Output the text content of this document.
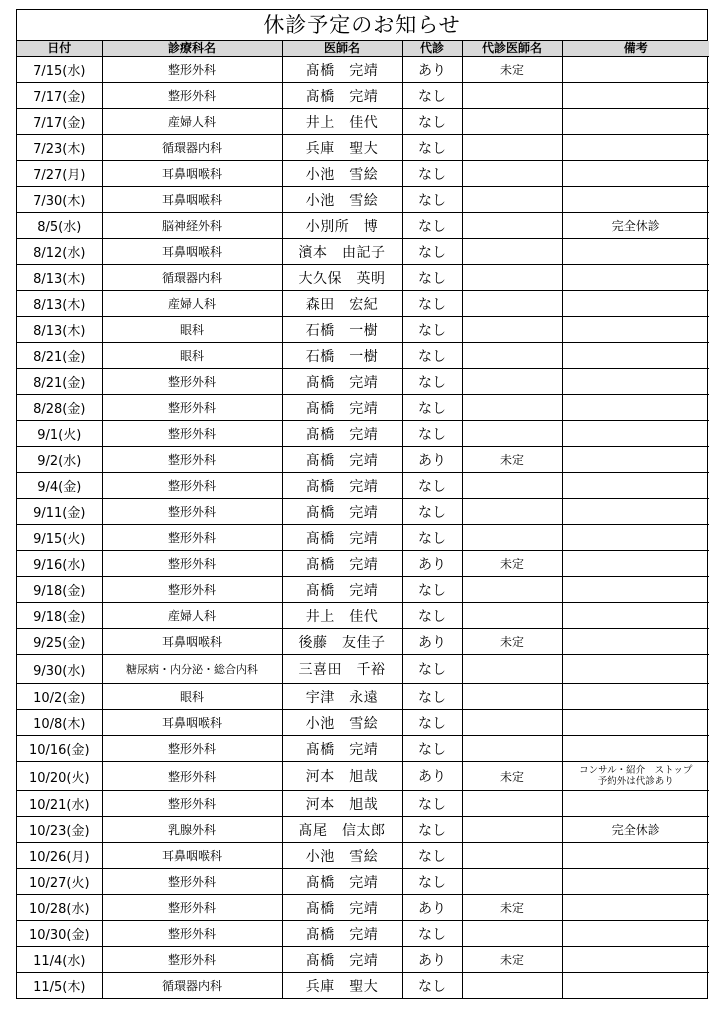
休診予定のお知らせ
日付	診療科名	医師名	代診	代診医師名	備考
7/15(水)	整形外科	髙橋　完靖	あり	未定	
7/17(金)	整形外科	髙橋　完靖	なし		
7/17(金)	産婦人科	井上　佳代	なし		
7/23(木)	循環器内科	兵庫　聖大	なし		
7/27(月)	耳鼻咽喉科	小池　雪絵	なし		
7/30(木)	耳鼻咽喉科	小池　雪絵	なし		
8/5(水)	脳神経外科	小別所　博	なし		完全休診
8/12(水)	耳鼻咽喉科	濱本　由記子	なし		
8/13(木)	循環器内科	大久保　英明	なし		
8/13(木)	産婦人科	森田　宏紀	なし		
8/13(木)	眼科	石橋　一樹	なし		
8/21(金)	眼科	石橋　一樹	なし		
8/21(金)	整形外科	髙橋　完靖	なし		
8/28(金)	整形外科	髙橋　完靖	なし		
9/1(火)	整形外科	髙橋　完靖	なし		
9/2(水)	整形外科	髙橋　完靖	あり	未定	
9/4(金)	整形外科	髙橋　完靖	なし		
9/11(金)	整形外科	髙橋　完靖	なし		
9/15(火)	整形外科	髙橋　完靖	なし		
9/16(水)	整形外科	髙橋　完靖	あり	未定	
9/18(金)	整形外科	髙橋　完靖	なし		
9/18(金)	産婦人科	井上　佳代	なし		
9/25(金)	耳鼻咽喉科	後藤　友佳子	あり	未定	
9/30(水)	糖尿病・内分泌・総合内科	三喜田　千裕	なし		
10/2(金)	眼科	宇津　永遠	なし		
10/8(木)	耳鼻咽喉科	小池　雪絵	なし		
10/16(金)	整形外科	髙橋　完靖	なし		
10/20(火)	整形外科	河本　旭哉	あり	未定	コンサル・紹介　ストップ
予約外は代診あり
10/21(水)	整形外科	河本　旭哉	なし		
10/23(金)	乳腺外科	髙尾　信太郎	なし		完全休診
10/26(月)	耳鼻咽喉科	小池　雪絵	なし		
10/27(火)	整形外科	髙橋　完靖	なし		
10/28(水)	整形外科	髙橋　完靖	あり	未定	
10/30(金)	整形外科	髙橋　完靖	なし		
11/4(水)	整形外科	髙橋　完靖	あり	未定	
11/5(木)	循環器内科	兵庫　聖大	なし		
